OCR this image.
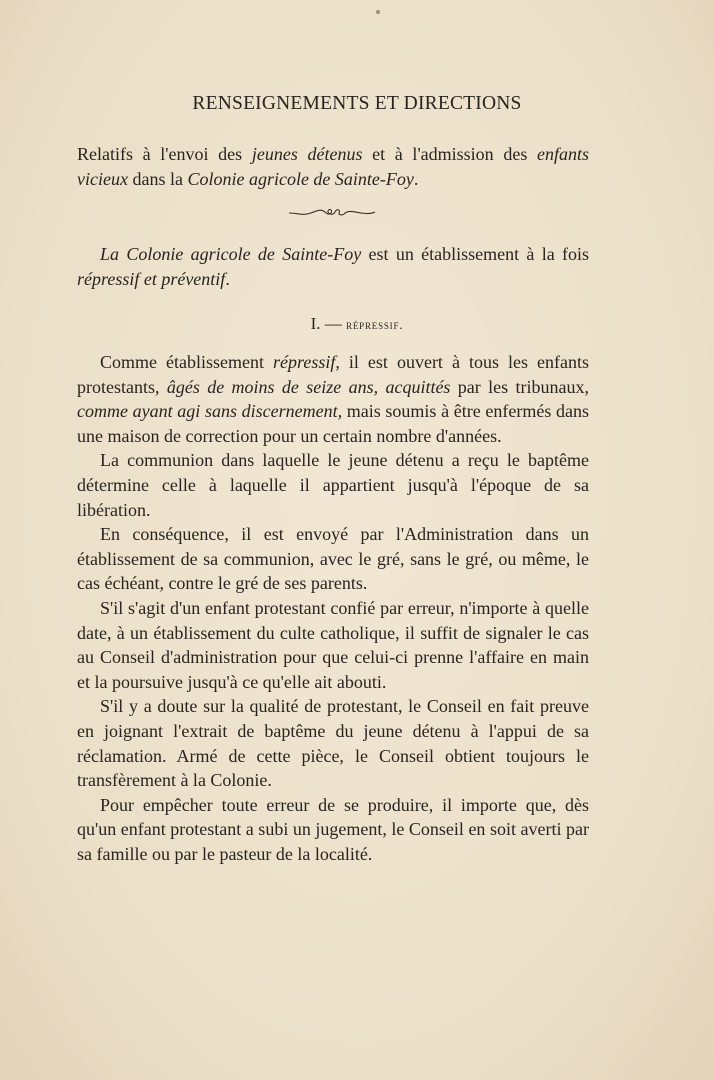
RENSEIGNEMENTS ET DIRECTIONS

Relatifs à l'envoi des jeunes détenus et à l'admission des enfants vicieux dans la Colonie agricole de Sainte-Foy.

La Colonie agricole de Sainte-Foy est un établissement à la fois répressif et préventif.

I. — répressif.

Comme établissement répressif, il est ouvert à tous les enfants protestants, âgés de moins de seize ans, acquittés par les tribunaux, comme ayant agi sans discernement, mais soumis à être enfermés dans une maison de correction pour un certain nombre d'années.

La communion dans laquelle le jeune détenu a reçu le baptême détermine celle à laquelle il appartient jusqu'à l'époque de sa libération.

En conséquence, il est envoyé par l'Administration dans un établissement de sa communion, avec le gré, sans le gré, ou même, le cas échéant, contre le gré de ses parents.

S'il s'agit d'un enfant protestant confié par erreur, n'importe à quelle date, à un établissement du culte catholique, il suffit de signaler le cas au Conseil d'administration pour que celui-ci prenne l'affaire en main et la poursuive jusqu'à ce qu'elle ait abouti.

S'il y a doute sur la qualité de protestant, le Conseil en fait preuve en joignant l'extrait de baptême du jeune détenu à l'appui de sa réclamation. Armé de cette pièce, le Conseil obtient toujours le transfèrement à la Colonie.

Pour empêcher toute erreur de se produire, il importe que, dès qu'un enfant protestant a subi un jugement, le Conseil en soit averti par sa famille ou par le pasteur de la localité.
